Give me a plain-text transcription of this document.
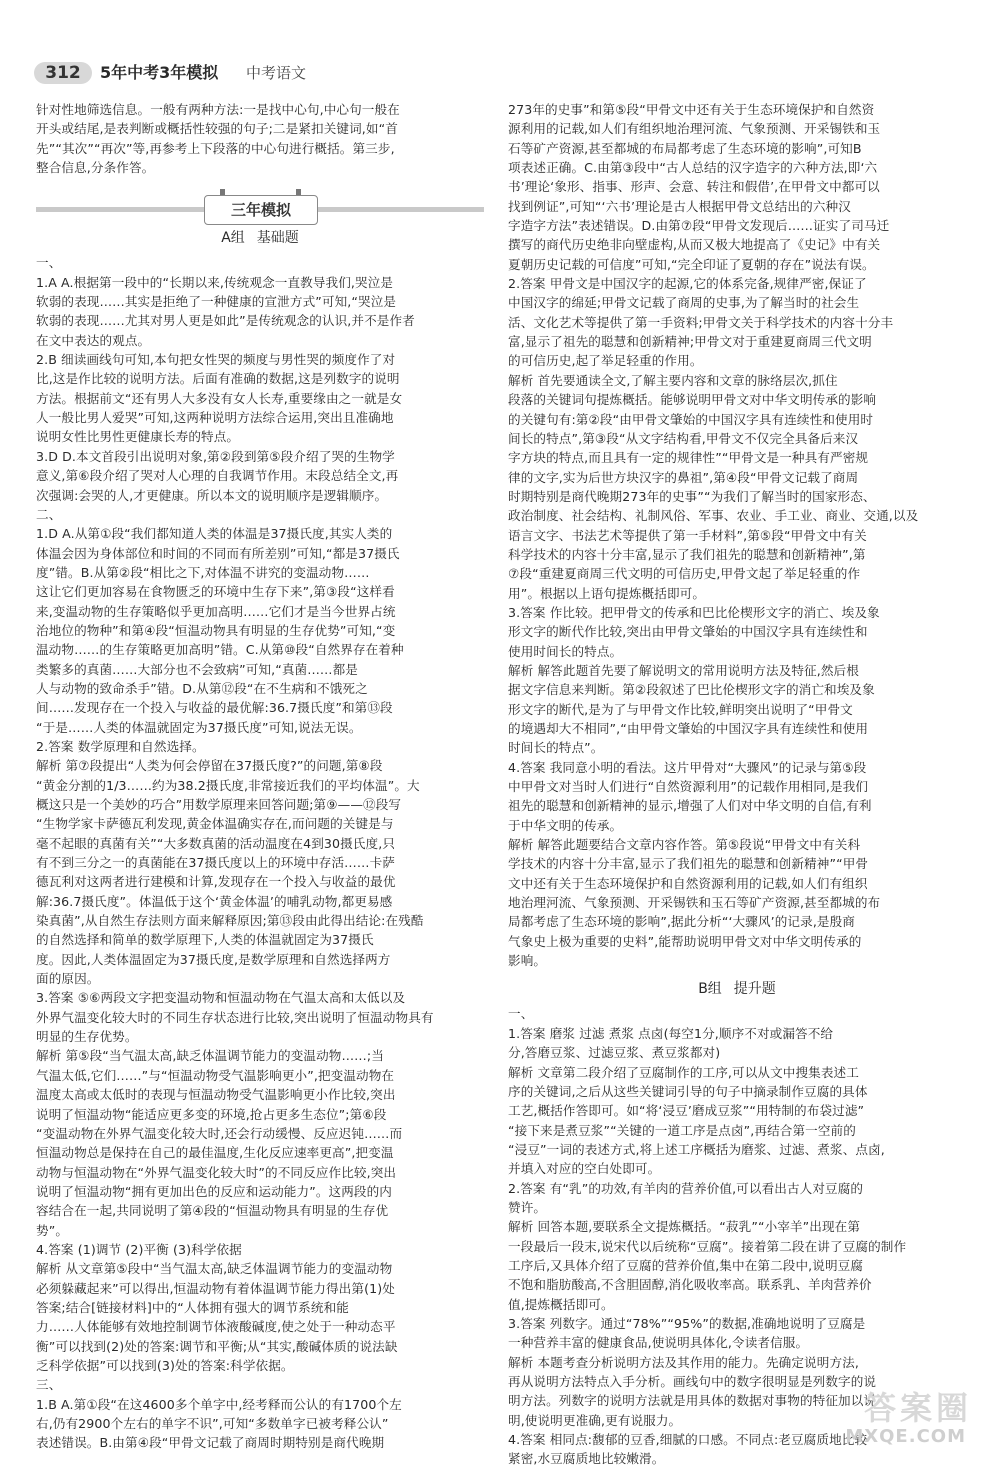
312	5年中考3年模拟 中考语文

针对性地筛选信息。一般有两种方法:一是找中心句,中心句一般在

开头或结尾,是表判断或概括性较强的句子;二是紧扣关键词,如“首

先”“其次”“再次”等,再参考上下段落的中心句进行概括。第三步,

整合信息,分条作答。

三年模拟
A组 基础题

一、

1.A A.根据第一段中的“长期以来,传统观念一直教导我们,哭泣是

软弱的表现……其实是拒绝了一种健康的宣泄方式”可知,“哭泣是

软弱的表现……尤其对男人更是如此”是传统观念的认识,并不是作者

在文中表达的观点。

2.B 细读画线句可知,本句把女性哭的频度与男性哭的频度作了对

比,这是作比较的说明方法。后面有准确的数据,这是列数字的说明

方法。根据前文“还有男人大多没有女人长寿,重要缘由之一就是女

人一般比男人爱哭”可知,这两种说明方法综合运用,突出且准确地

说明女性比男性更健康长寿的特点。

3.D D.本文首段引出说明对象,第②段到第⑤段介绍了哭的生物学

意义,第⑥段介绍了哭对人心理的自我调节作用。末段总结全文,再

次强调:会哭的人,才更健康。所以本文的说明顺序是逻辑顺序。

二、

1.D A.从第①段“我们都知道人类的体温是37摄氏度,其实人类的

体温会因为身体部位和时间的不同而有所差别”可知,“都是37摄氏

度”错。B.从第②段“相比之下,对体温不讲究的变温动物……

这让它们更加容易在食物匮乏的环境中生存下来”,第③段“这样看

来,变温动物的生存策略似乎更加高明……它们才是当今世界占统

治地位的物种”和第④段“恒温动物具有明显的生存优势”可知,“变

温动物……的生存策略更加高明”错。C.从第⑩段“自然界存在着种

类繁多的真菌……大部分也不会致病”可知,“真菌……都是

人与动物的致命杀手”错。D.从第⑫段“在不生病和不饿死之

间……发现存在一个投入与收益的最优解:36.7摄氏度”和第⑬段

“于是……人类的体温就固定为37摄氏度”可知,说法无误。

2.答案 数学原理和自然选择。

解析 第⑦段提出“人类为何会停留在37摄氏度?”的问题,第⑧段

“黄金分割的1/3……约为38.2摄氏度,非常接近我们的平均体温”。大

概这只是一个美妙的巧合”用数学原理来回答问题;第⑨——⑫段写

“生物学家卡萨德瓦利发现,黄金体温确实存在,而问题的关键是与

毫不起眼的真菌有关”“大多数真菌的活动温度在4到30摄氏度,只

有不到三分之一的真菌能在37摄氏度以上的环境中存活……卡萨

德瓦利对这两者进行建模和计算,发现存在一个投入与收益的最优

解:36.7摄氏度”。体温低于这个‘黄金体温’的哺乳动物,都更易感

染真菌”,从自然生存法则方面来解释原因;第⑬段由此得出结论:在残酷

的自然选择和简单的数学原理下,人类的体温就固定为37摄氏

度。因此,人类体温固定为37摄氏度,是数学原理和自然选择两方

面的原因。

3.答案 ⑤⑥两段文字把变温动物和恒温动物在气温太高和太低以及

外界气温变化较大时的不同生存状态进行比较,突出说明了恒温动物具有

明显的生存优势。

解析 第⑤段“当气温太高,缺乏体温调节能力的变温动物……;当

气温太低,它们……”与“恒温动物受气温影响更小”,把变温动物在

温度太高或太低时的表现与恒温动物受气温影响更小作比较,突出

说明了恒温动物“能适应更多变的环境,抢占更多生态位”;第⑥段

“变温动物在外界气温变化较大时,还会行动缓慢、反应迟钝……而

恒温动物总是保持在自己的最佳温度,生化反应速率更高”,把变温

动物与恒温动物在“外界气温变化较大时”的不同反应作比较,突出

说明了恒温动物“拥有更加出色的反应和运动能力”。这两段的内

容结合在一起,共同说明了第④段的“恒温动物具有明显的生存优

势”。

4.答案 (1)调节 (2)平衡 (3)科学依据

解析 从文章第⑤段中“当气温太高,缺乏体温调节能力的变温动物

必须躲藏起来”可以得出,恒温动物有着体温调节能力得出第(1)处

答案;结合[链接材料]中的“人体拥有强大的调节系统和能

力……人体能够有效地控制调节体液酸碱度,使之处于一种动态平

衡”可以找到(2)处的答案:调节和平衡;从“其实,酸碱体质的说法缺

乏科学依据”可以找到(3)处的答案:科学依据。

三、

1.B A.第①段“在这4600多个单字中,经考释而公认的有1700个左

右,仍有2900个左右的单字不识”,可知“多数单字已被考释公认”

表述错误。B.由第④段“甲骨文记载了商周时期特别是商代晚期

273年的史事”和第⑤段“甲骨文中还有关于生态环境保护和自然资

源利用的记载,如人们有组织地治理河流、气象预测、开采锡铁和玉

石等矿产资源,甚至都城的布局都考虑了生态环境的影响”,可知B

项表述正确。C.由第③段中“古人总结的汉字造字的六种方法,即‘六

书’理论‘象形、指事、形声、会意、转注和假借’,在甲骨文中都可以

找到例证”,可知“‘六书’理论是古人根据甲骨文总结出的六种汉

字造字方法”表述错误。D.由第⑦段“甲骨文发现后……证实了司马迁

撰写的商代历史绝非向壁虚构,从而又极大地提高了《史记》中有关

夏朝历史记载的可信度”可知,“完全印证了夏朝的存在”说法有误。

2.答案 甲骨文是中国汉字的起源,它的体系完备,规律严密,保证了

中国汉字的绵延;甲骨文记载了商周的史事,为了解当时的社会生

活、文化艺术等提供了第一手资料;甲骨文关于科学技术的内容十分丰

富,显示了祖先的聪慧和创新精神;甲骨文对于重建夏商周三代文明

的可信历史,起了举足轻重的作用。

解析 首先要通读全文,了解主要内容和文章的脉络层次,抓住

段落的关键词句提炼概括。能够说明甲骨文对中华文明传承的影响

的关键句有:第②段“由甲骨文肇始的中国汉字具有连续性和使用时

间长的特点”,第③段“从文字结构看,甲骨文不仅完全具备后来汉

字方块的特点,而且具有一定的规律性”“甲骨文是一种具有严密规

律的文字,实为后世方块汉字的鼻祖”,第④段“甲骨文记载了商周

时期特别是商代晚期273年的史事”“为我们了解当时的国家形态、

政治制度、社会结构、礼制风俗、军事、农业、手工业、商业、交通,以及

语言文字、书法艺术等提供了第一手材料”,第⑤段“甲骨文中有关

科学技术的内容十分丰富,显示了我们祖先的聪慧和创新精神”,第

⑦段“重建夏商周三代文明的可信历史,甲骨文起了举足轻重的作

用”。根据以上语句提炼概括即可。

3.答案 作比较。把甲骨文的传承和巴比伦楔形文字的消亡、埃及象

形文字的断代作比较,突出由甲骨文肇始的中国汉字具有连续性和

使用时间长的特点。

解析 解答此题首先要了解说明文的常用说明方法及特征,然后根

据文字信息来判断。第②段叙述了巴比伦楔形文字的消亡和埃及象

形文字的断代,是为了与甲骨文作比较,鲜明突出说明了“甲骨文

的境遇却大不相同”,“由甲骨文肇始的中国汉字具有连续性和使用

时间长的特点”。

4.答案 我同意小明的看法。这片甲骨对“大骤风”的记录与第⑤段

中甲骨文对当时人们进行“自然资源利用”的记载作用相同,是我们

祖先的聪慧和创新精神的显示,增强了人们对中华文明的自信,有利

于中华文明的传承。

解析 解答此题要结合文章内容作答。第⑤段说“甲骨文中有关科

学技术的内容十分丰富,显示了我们祖先的聪慧和创新精神”“甲骨

文中还有关于生态环境保护和自然资源利用的记载,如人们有组织

地治理河流、气象预测、开采锡铁和玉石等矿产资源,甚至都城的布

局都考虑了生态环境的影响”,据此分析“‘大骤风’的记录,是殷商

气象史上极为重要的史料”,能帮助说明甲骨文对中华文明传承的

影响。

B组 提升题

一、

1.答案 磨浆 过滤 煮浆 点卤(每空1分,顺序不对或漏答不给

分,答磨豆浆、过滤豆浆、煮豆浆都对)

解析 文章第二段介绍了豆腐制作的工序,可以从文中搜集表述工

序的关键词,之后从这些关键词引导的句子中摘录制作豆腐的具体

工艺,概括作答即可。如“将‘浸豆’磨成豆浆”“用特制的布袋过滤”

“接下来是煮豆浆”“关键的一道工序是点卤”,再结合第一空前的

“浸豆”一词的表述方式,将上述工序概括为磨浆、过滤、煮浆、点卤,

并填入对应的空白处即可。

2.答案 有“乳”的功效,有羊肉的营养价值,可以看出古人对豆腐的

赞许。

解析 回答本题,要联系全文提炼概括。“菽乳”“小宰羊”出现在第

一段最后一段末,说宋代以后统称“豆腐”。接着第二段在讲了豆腐的制作

工序后,又具体介绍了豆腐的营养价值,集中在第二段中,说明豆腐

不饱和脂肪酸高,不含胆固醇,消化吸收率高。联系乳、羊肉营养价

值,提炼概括即可。

3.答案 列数字。通过“78%”“95%”的数据,准确地说明了豆腐是

一种营养丰富的健康食品,使说明具体化,令读者信服。

解析 本题考查分析说明方法及其作用的能力。先确定说明方法,

再从说明方法特点入手分析。画线句中的数字很明显是列数字的说

明方法。列数字的说明方法就是用具体的数据对事物的特征加以说

明,使说明更准确,更有说服力。

4.答案 相同点:馥郁的豆香,细腻的口感。不同点:老豆腐质地比较

紧密,水豆腐质地比较嫩滑。

答案圈
MXQE.COM
